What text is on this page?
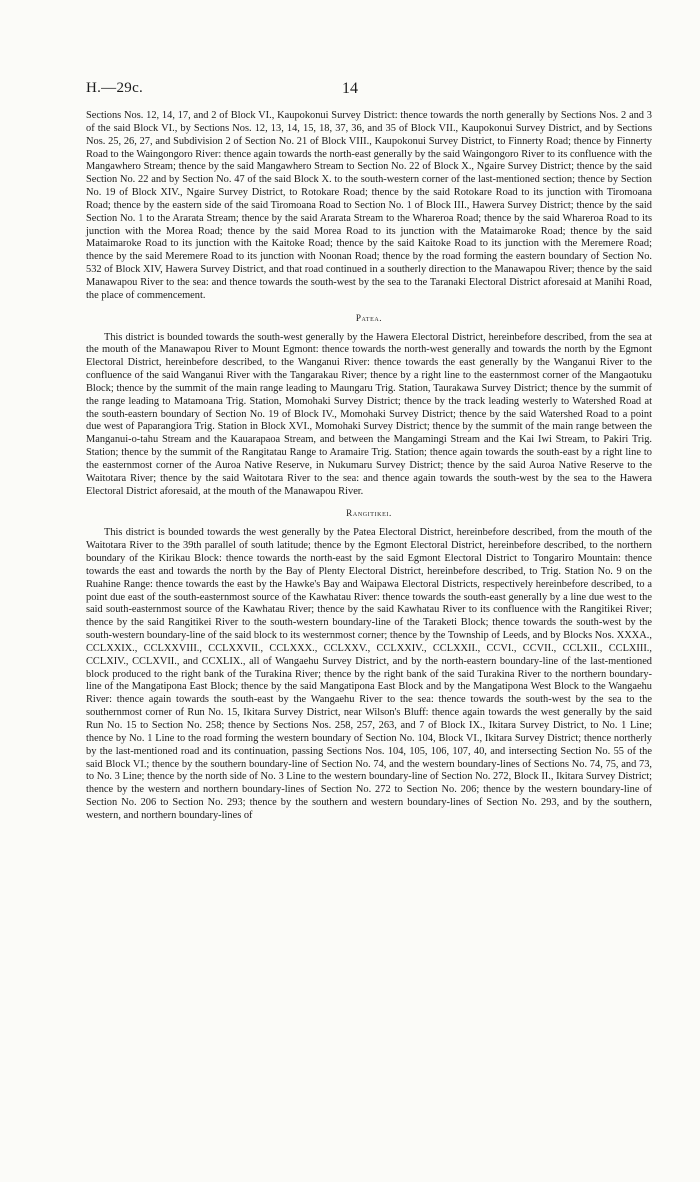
H.—29c.	14

Sections Nos. 12, 14, 17, and 2 of Block VI., Kaupokonui Survey District: thence towards the north generally by Sections Nos. 2 and 3 of the said Block VI., by Sections Nos. 12, 13, 14, 15, 18, 37, 36, and 35 of Block VII., Kaupokonui Survey District, and by Sections Nos. 25, 26, 27, and Subdivision 2 of Section No. 21 of Block VIII., Kaupokonui Survey District, to Finnerty Road; thence by Finnerty Road to the Waingongoro River: thence again towards the north-east generally by the said Waingongoro River to its confluence with the Mangawhero Stream; thence by the said Mangawhero Stream to Section No. 22 of Block X., Ngaire Survey District; thence by the said Section No. 22 and by Section No. 47 of the said Block X. to the south-western corner of the last-mentioned section; thence by Section No. 19 of Block XIV., Ngaire Survey District, to Rotokare Road; thence by the said Rotokare Road to its junction with Tiromoana Road; thence by the eastern side of the said Tiromoana Road to Section No. 1 of Block III., Hawera Survey District; thence by the said Section No. 1 to the Ararata Stream; thence by the said Ararata Stream to the Whareroa Road; thence by the said Whareroa Road to its junction with the Morea Road; thence by the said Morea Road to its junction with the Mataimaroke Road; thence by the said Mataimaroke Road to its junction with the Kaitoke Road; thence by the said Kaitoke Road to its junction with the Meremere Road; thence by the said Meremere Road to its junction with Noonan Road; thence by the road forming the eastern boundary of Section No. 532 of Block XIV, Hawera Survey District, and that road continued in a southerly direction to the Manawapou River; thence by the said Manawapou River to the sea: and thence towards the south-west by the sea to the Taranaki Electoral District aforesaid at Manihi Road, the place of commencement.

Patea.

This district is bounded towards the south-west generally by the Hawera Electoral District, hereinbefore described, from the sea at the mouth of the Manawapou River to Mount Egmont: thence towards the north-west generally and towards the north by the Egmont Electoral District, hereinbefore described, to the Wanganui River: thence towards the east generally by the Wanganui River to the confluence of the said Wanganui River with the Tangarakau River; thence by a right line to the easternmost corner of the Mangaotuku Block; thence by the summit of the main range leading to Maungaru Trig. Station, Taurakawa Survey District; thence by the summit of the range leading to Matamoana Trig. Station, Momohaki Survey District; thence by the track leading westerly to Watershed Road at the south-eastern boundary of Section No. 19 of Block IV., Momohaki Survey District; thence by the said Watershed Road to a point due west of Paparangiora Trig. Station in Block XVI., Momohaki Survey District; thence by the summit of the main range between the Manganui-o-tahu Stream and the Kauarapaoa Stream, and between the Mangamingi Stream and the Kai Iwi Stream, to Pakiri Trig. Station; thence by the summit of the Rangitatau Range to Aramaire Trig. Station; thence again towards the south-east by a right line to the easternmost corner of the Auroa Native Reserve, in Nukumaru Survey District; thence by the said Auroa Native Reserve to the Waitotara River; thence by the said Waitotara River to the sea: and thence again towards the south-west by the sea to the Hawera Electoral District aforesaid, at the mouth of the Manawapou River.

Rangitikei.

This district is bounded towards the west generally by the Patea Electoral District, hereinbefore described, from the mouth of the Waitotara River to the 39th parallel of south latitude; thence by the Egmont Electoral District, hereinbefore described, to the northern boundary of the Kirikau Block: thence towards the north-east by the said Egmont Electoral District to Tongariro Mountain: thence towards the east and towards the north by the Bay of Plenty Electoral District, hereinbefore described, to Trig. Station No. 9 on the Ruahine Range: thence towards the east by the Hawke's Bay and Waipawa Electoral Districts, respectively hereinbefore described, to a point due east of the south-easternmost source of the Kawhatau River: thence towards the south-east generally by a line due west to the said south-easternmost source of the Kawhatau River; thence by the said Kawhatau River to its confluence with the Rangitikei River; thence by the said Rangitikei River to the south-western boundary-line of the Taraketi Block; thence towards the south-west by the south-western boundary-line of the said block to its westernmost corner; thence by the Township of Leeds, and by Blocks Nos. XXXA., CCLXXIX., CCLXXVIII., CCLXXVII., CCLXXX., CCLXXV., CCLXXIV., CCLXXII., CCVI., CCVII., CCLXII., CCLXIII., CCLXIV., CCLXVII., and CCXLIX., all of Wangaehu Survey District, and by the north-eastern boundary-line of the last-mentioned block produced to the right bank of the Turakina River; thence by the right bank of the said Turakina River to the northern boundary-line of the Mangatipona East Block; thence by the said Mangatipona East Block and by the Mangatipona West Block to the Wangaehu River: thence again towards the south-east by the Wangaehu River to the sea: thence towards the south-west by the sea to the southernmost corner of Run No. 15, Ikitara Survey District, near Wilson's Bluff: thence again towards the west generally by the said Run No. 15 to Section No. 258; thence by Sections Nos. 258, 257, 263, and 7 of Block IX., Ikitara Survey District, to No. 1 Line; thence by No. 1 Line to the road forming the western boundary of Section No. 104, Block VI., Ikitara Survey District; thence northerly by the last-mentioned road and its continuation, passing Sections Nos. 104, 105, 106, 107, 40, and intersecting Section No. 55 of the said Block VI.; thence by the southern boundary-line of Section No. 74, and the western boundary-lines of Sections No. 74, 75, and 73, to No. 3 Line; thence by the north side of No. 3 Line to the western boundary-line of Section No. 272, Block II., Ikitara Survey District; thence by the western and northern boundary-lines of Section No. 272 to Section No. 206; thence by the western boundary-line of Section No. 206 to Section No. 293; thence by the southern and western boundary-lines of Section No. 293, and by the southern, western, and northern boundary-lines of
